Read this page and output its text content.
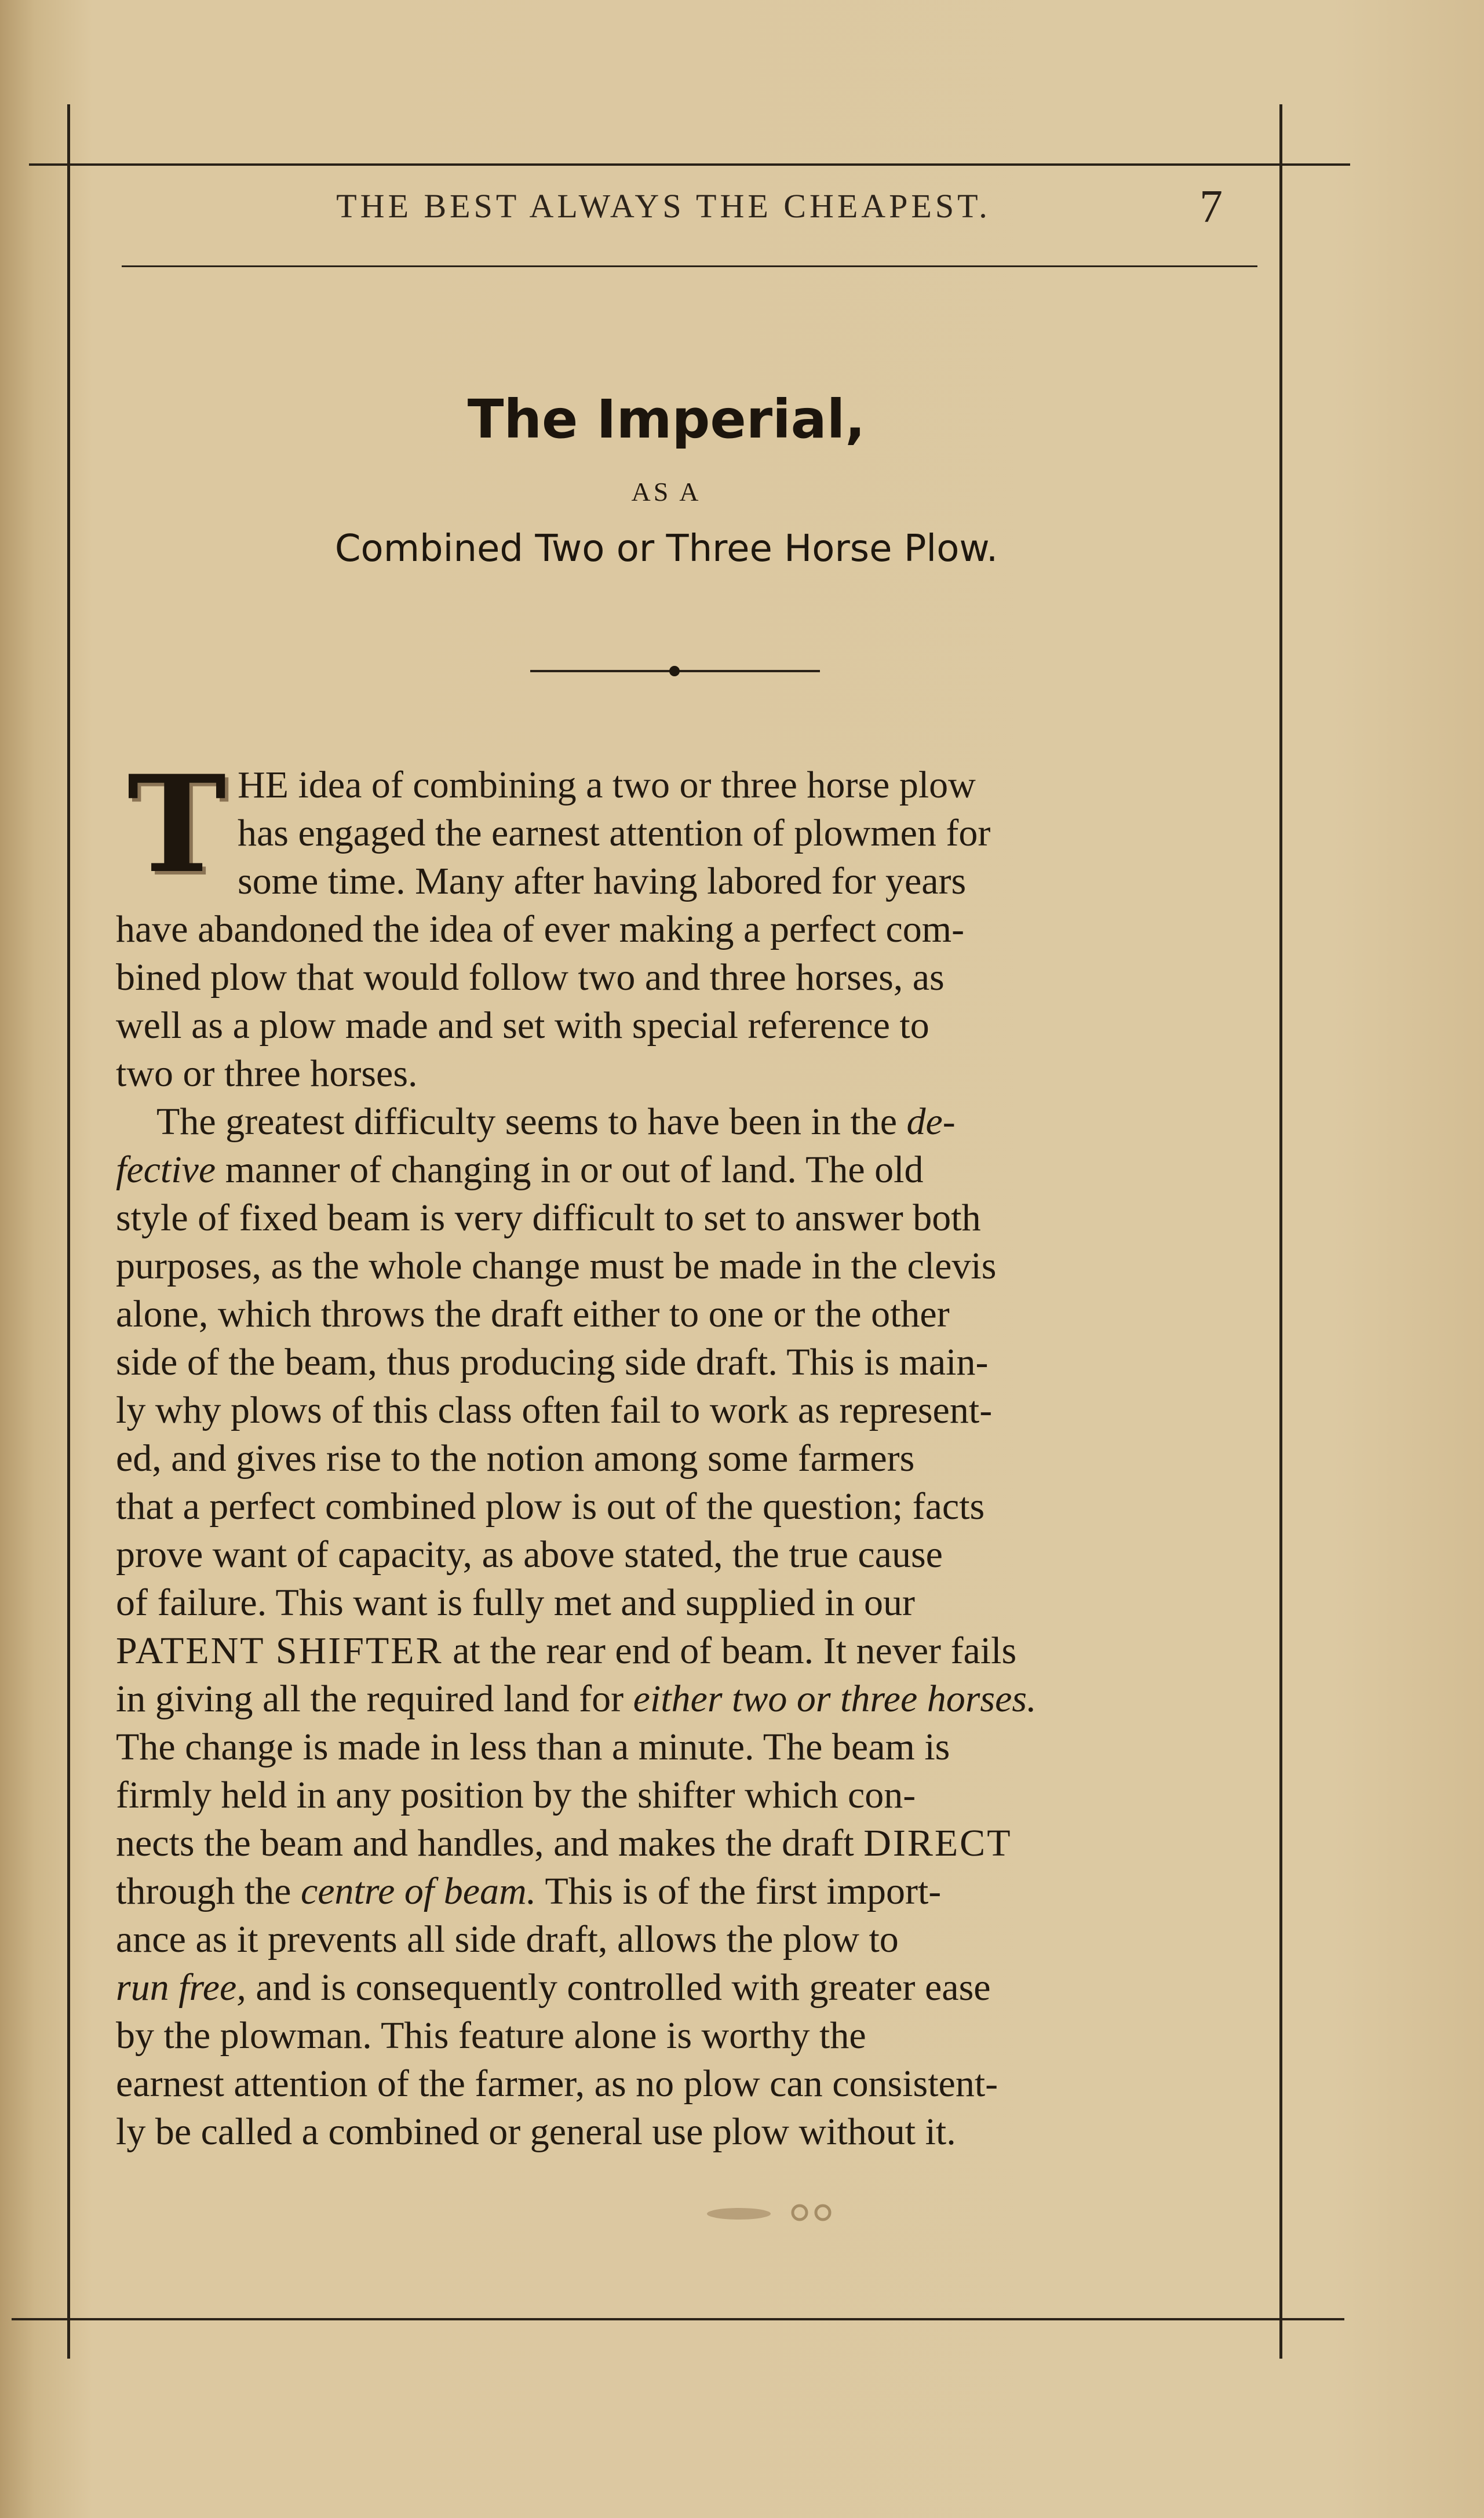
THE BEST ALWAYS THE CHEAPEST.	7

The Imperial,

AS A

Combined Two or Three Horse Plow.

T HE idea of combining a two or three horse plow

has engaged the earnest attention of plowmen for

some time. Many after having labored for years

have abandoned the idea of ever making a perfect com-

bined plow that would follow two and three horses, as

well as a plow made and set with special reference to

two or three horses.

The greatest difficulty seems to have been in the de-

fective manner of changing in or out of land. The old

style of fixed beam is very difficult to set to answer both

purposes, as the whole change must be made in the clevis

alone, which throws the draft either to one or the other

side of the beam, thus producing side draft. This is main-

ly why plows of this class often fail to work as represent-

ed, and gives rise to the notion among some farmers

that a perfect combined plow is out of the question; facts

prove want of capacity, as above stated, the true cause

of failure. This want is fully met and supplied in our

PATENT SHIFTER at the rear end of beam. It never fails

in giving all the required land for either two or three horses.

The change is made in less than a minute. The beam is

firmly held in any position by the shifter which con-

nects the beam and handles, and makes the draft DIRECT

through the centre of beam. This is of the first import-

ance as it prevents all side draft, allows the plow to

run free, and is consequently controlled with greater ease

by the plowman. This feature alone is worthy the

earnest attention of the farmer, as no plow can consistent-

ly be called a combined or general use plow without it.
